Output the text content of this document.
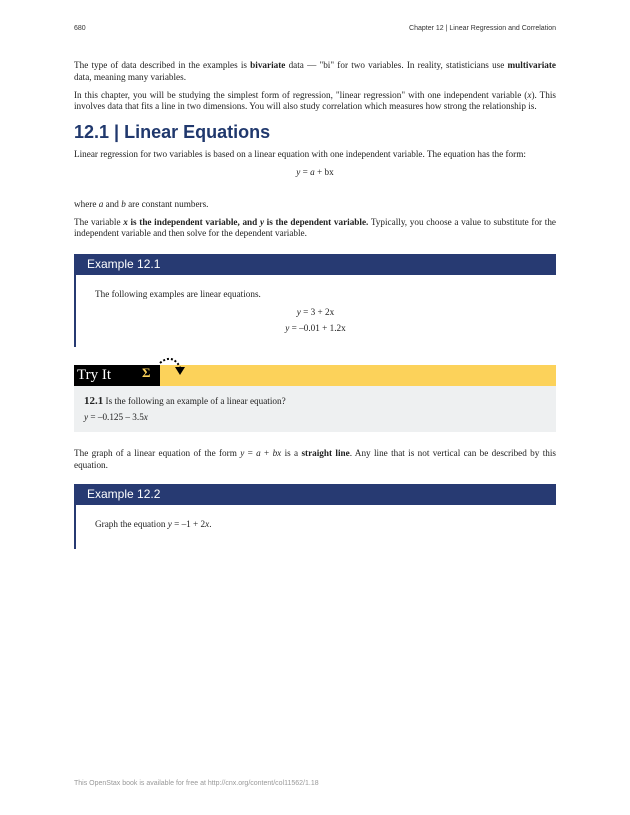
680	Chapter 12 | Linear Regression and Correlation

The type of data described in the examples is bivariate data — "bi" for two variables. In reality, statisticians use multivariate data, meaning many variables.

In this chapter, you will be studying the simplest form of regression, "linear regression" with one independent variable (x). This involves data that fits a line in two dimensions. You will also study correlation which measures how strong the relationship is.

12.1 | Linear Equations

Linear regression for two variables is based on a linear equation with one independent variable. The equation has the form:

y = a + bx

where a and b are constant numbers.

The variable x is the independent variable, and y is the dependent variable. Typically, you choose a value to substitute for the independent variable and then solve for the dependent variable.

Example 12.1

The following examples are linear equations.

y = 3 + 2x
y = –0.01 + 1.2x
Try It	Σ
12.1 Is the following an example of a linear equation?
y = –0.125 – 3.5x

The graph of a linear equation of the form y = a + bx is a straight line. Any line that is not vertical can be described by this equation.

Example 12.2

Graph the equation y = –1 + 2x.

This OpenStax book is available for free at http://cnx.org/content/col11562/1.18
